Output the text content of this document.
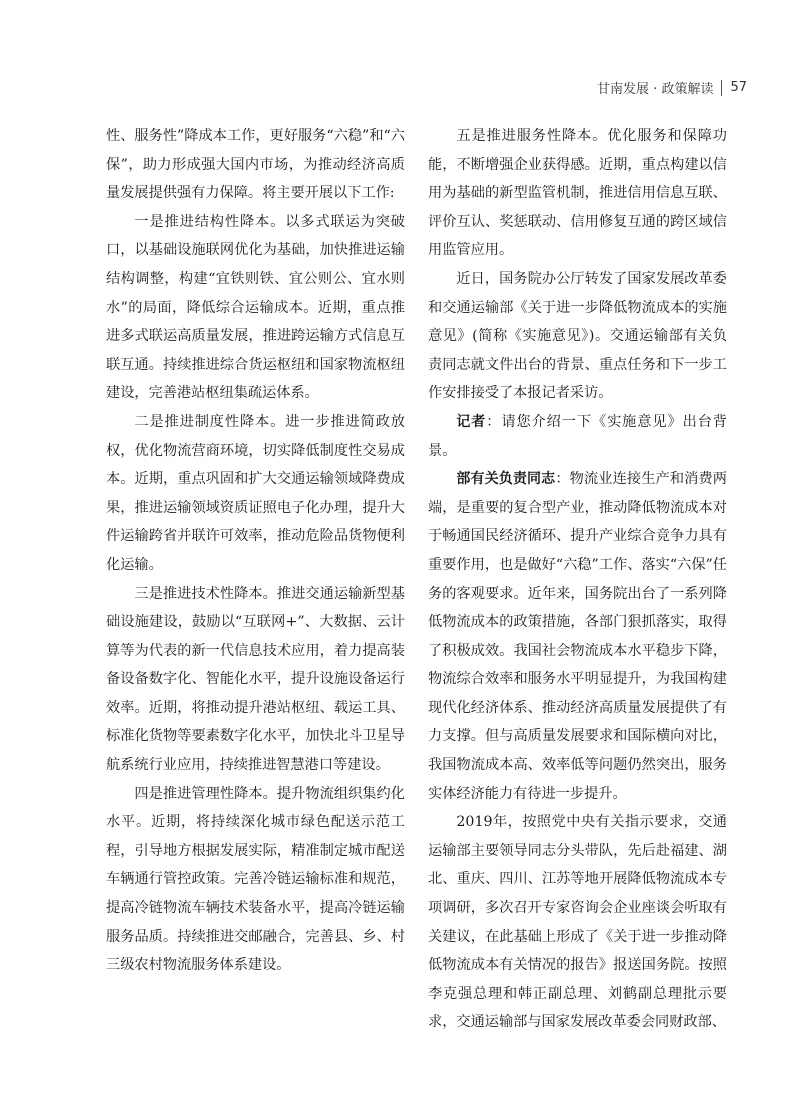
甘南发展 · 政策解读 57

性、服务性”降成本工作，更好服务“六稳”和“六保”，助力形成强大国内市场，为推动经济高质量发展提供强有力保障。将主要开展以下工作:

一是推进结构性降本。以多式联运为突破口，以基础设施联网优化为基础，加快推进运输结构调整，构建“宜铁则铁、宜公则公、宜水则水”的局面，降低综合运输成本。近期，重点推进多式联运高质量发展，推进跨运输方式信息互联互通。持续推进综合货运枢纽和国家物流枢纽建设，完善港站枢纽集疏运体系。

二是推进制度性降本。进一步推进简政放权，优化物流营商环境，切实降低制度性交易成本。近期，重点巩固和扩大交通运输领域降费成果，推进运输领域资质证照电子化办理，提升大件运输跨省并联许可效率，推动危险品货物便利化运输。

三是推进技术性降本。推进交通运输新型基础设施建设，鼓励以“互联网+”、大数据、云计算等为代表的新一代信息技术应用，着力提高装备设备数字化、智能化水平，提升设施设备运行效率。近期，将推动提升港站枢纽、载运工具、标准化货物等要素数字化水平，加快北斗卫星导航系统行业应用，持续推进智慧港口等建设。

四是推进管理性降本。提升物流组织集约化水平。近期，将持续深化城市绿色配送示范工程，引导地方根据发展实际，精准制定城市配送车辆通行管控政策。完善冷链运输标准和规范，提高冷链物流车辆技术装备水平，提高冷链运输服务品质。持续推进交邮融合，完善县、乡、村三级农村物流服务体系建设。

五是推进服务性降本。优化服务和保障功能，不断增强企业获得感。近期，重点构建以信用为基础的新型监管机制，推进信用信息互联、评价互认、奖惩联动、信用修复互通的跨区域信用监管应用。

近日，国务院办公厅转发了国家发展改革委和交通运输部《关于进一步降低物流成本的实施意见》(简称《实施意见》)。交通运输部有关负责同志就文件出台的背景、重点任务和下一步工作安排接受了本报记者采访。

记者：请您介绍一下《实施意见》出台背景。

部有关负责同志：物流业连接生产和消费两端，是重要的复合型产业，推动降低物流成本对于畅通国民经济循环、提升产业综合竞争力具有重要作用，也是做好“六稳”工作、落实“六保”任务的客观要求。近年来，国务院出台了一系列降低物流成本的政策措施，各部门狠抓落实，取得了积极成效。我国社会物流成本水平稳步下降，物流综合效率和服务水平明显提升，为我国构建现代化经济体系、推动经济高质量发展提供了有力支撑。但与高质量发展要求和国际横向对比，我国物流成本高、效率低等问题仍然突出，服务实体经济能力有待进一步提升。

2019年，按照党中央有关指示要求，交通运输部主要领导同志分头带队，先后赴福建、湖北、重庆、四川、江苏等地开展降低物流成本专项调研，多次召开专家咨询会企业座谈会听取有关建议，在此基础上形成了《关于进一步推动降低物流成本有关情况的报告》报送国务院。按照李克强总理和韩正副总理、刘鹤副总理批示要求，交通运输部与国家发展改革委会同财政部、
